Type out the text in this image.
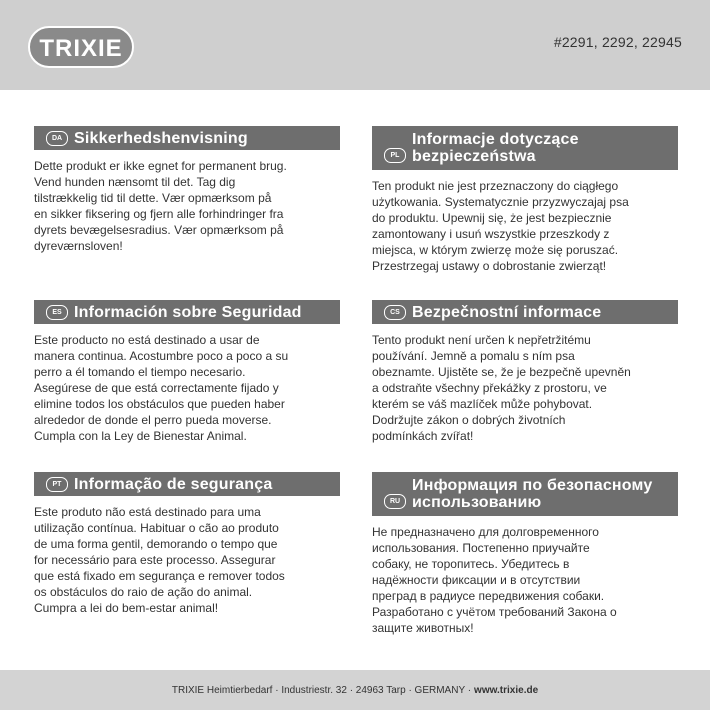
TRIXIE	#2291, 2292, 22945
DA Sikkerhedshenvisning
Dette produkt er ikke egnet for permanent brug.
Vend hunden nænsomt til det. Tag dig
tilstrækkelig tid til dette. Vær opmærksom på
en sikker fiksering og fjern alle forhindringer fra
dyrets bevægelsesradius. Vær opmærksom på
dyreværnsloven!
ES Información sobre Seguridad
Este producto no está destinado a usar de
manera continua. Acostumbre poco a poco a su
perro a él tomando el tiempo necesario.
Asegúrese de que está correctamente fijado y
elimine todos los obstáculos que pueden haber
alrededor de donde el perro pueda moverse.
Cumpla con la Ley de Bienestar Animal.
PT Informação de segurança
Este produto não está destinado para uma
utilização contínua. Habituar o cão ao produto
de uma forma gentil, demorando o tempo que
for necessário para este processo. Assegurar
que está fixado em segurança e remover todos
os obstáculos do raio de ação do animal.
Cumpra a lei do bem-estar animal!
PL
Informacje dotyczące
bezpieczeństwa
Ten produkt nie jest przeznaczony do ciągłego
użytkowania. Systematycznie przyzwyczajaj psa
do produktu. Upewnij się, że jest bezpiecznie
zamontowany i usuń wszystkie przeszkody z
miejsca, w którym zwierzę może się poruszać.
Przestrzegaj ustawy o dobrostanie zwierząt!
CS Bezpečnostní informace
Tento produkt není určen k nepřetržitému
používání. Jemně a pomalu s ním psa
obeznamte. Ujistěte se, že je bezpečně upevněn
a odstraňte všechny překážky z prostoru, ve
kterém se váš mazlíček může pohybovat.
Dodržujte zákon o dobrých životních
podmínkách zvířat!
RU
Информация по безопасному
использованию
Не предназначено для долговременного
использования. Постепенно приучайте
собаку, не торопитесь. Убедитесь в
надёжности фиксации и в отсутствии
преград в радиусе передвижения собаки.
Разработано с учётом требований Закона о
защите животных!
TRIXIE Heimtierbedarf · Industriestr. 32 · 24963 Tarp · GERMANY · www.trixie.de
